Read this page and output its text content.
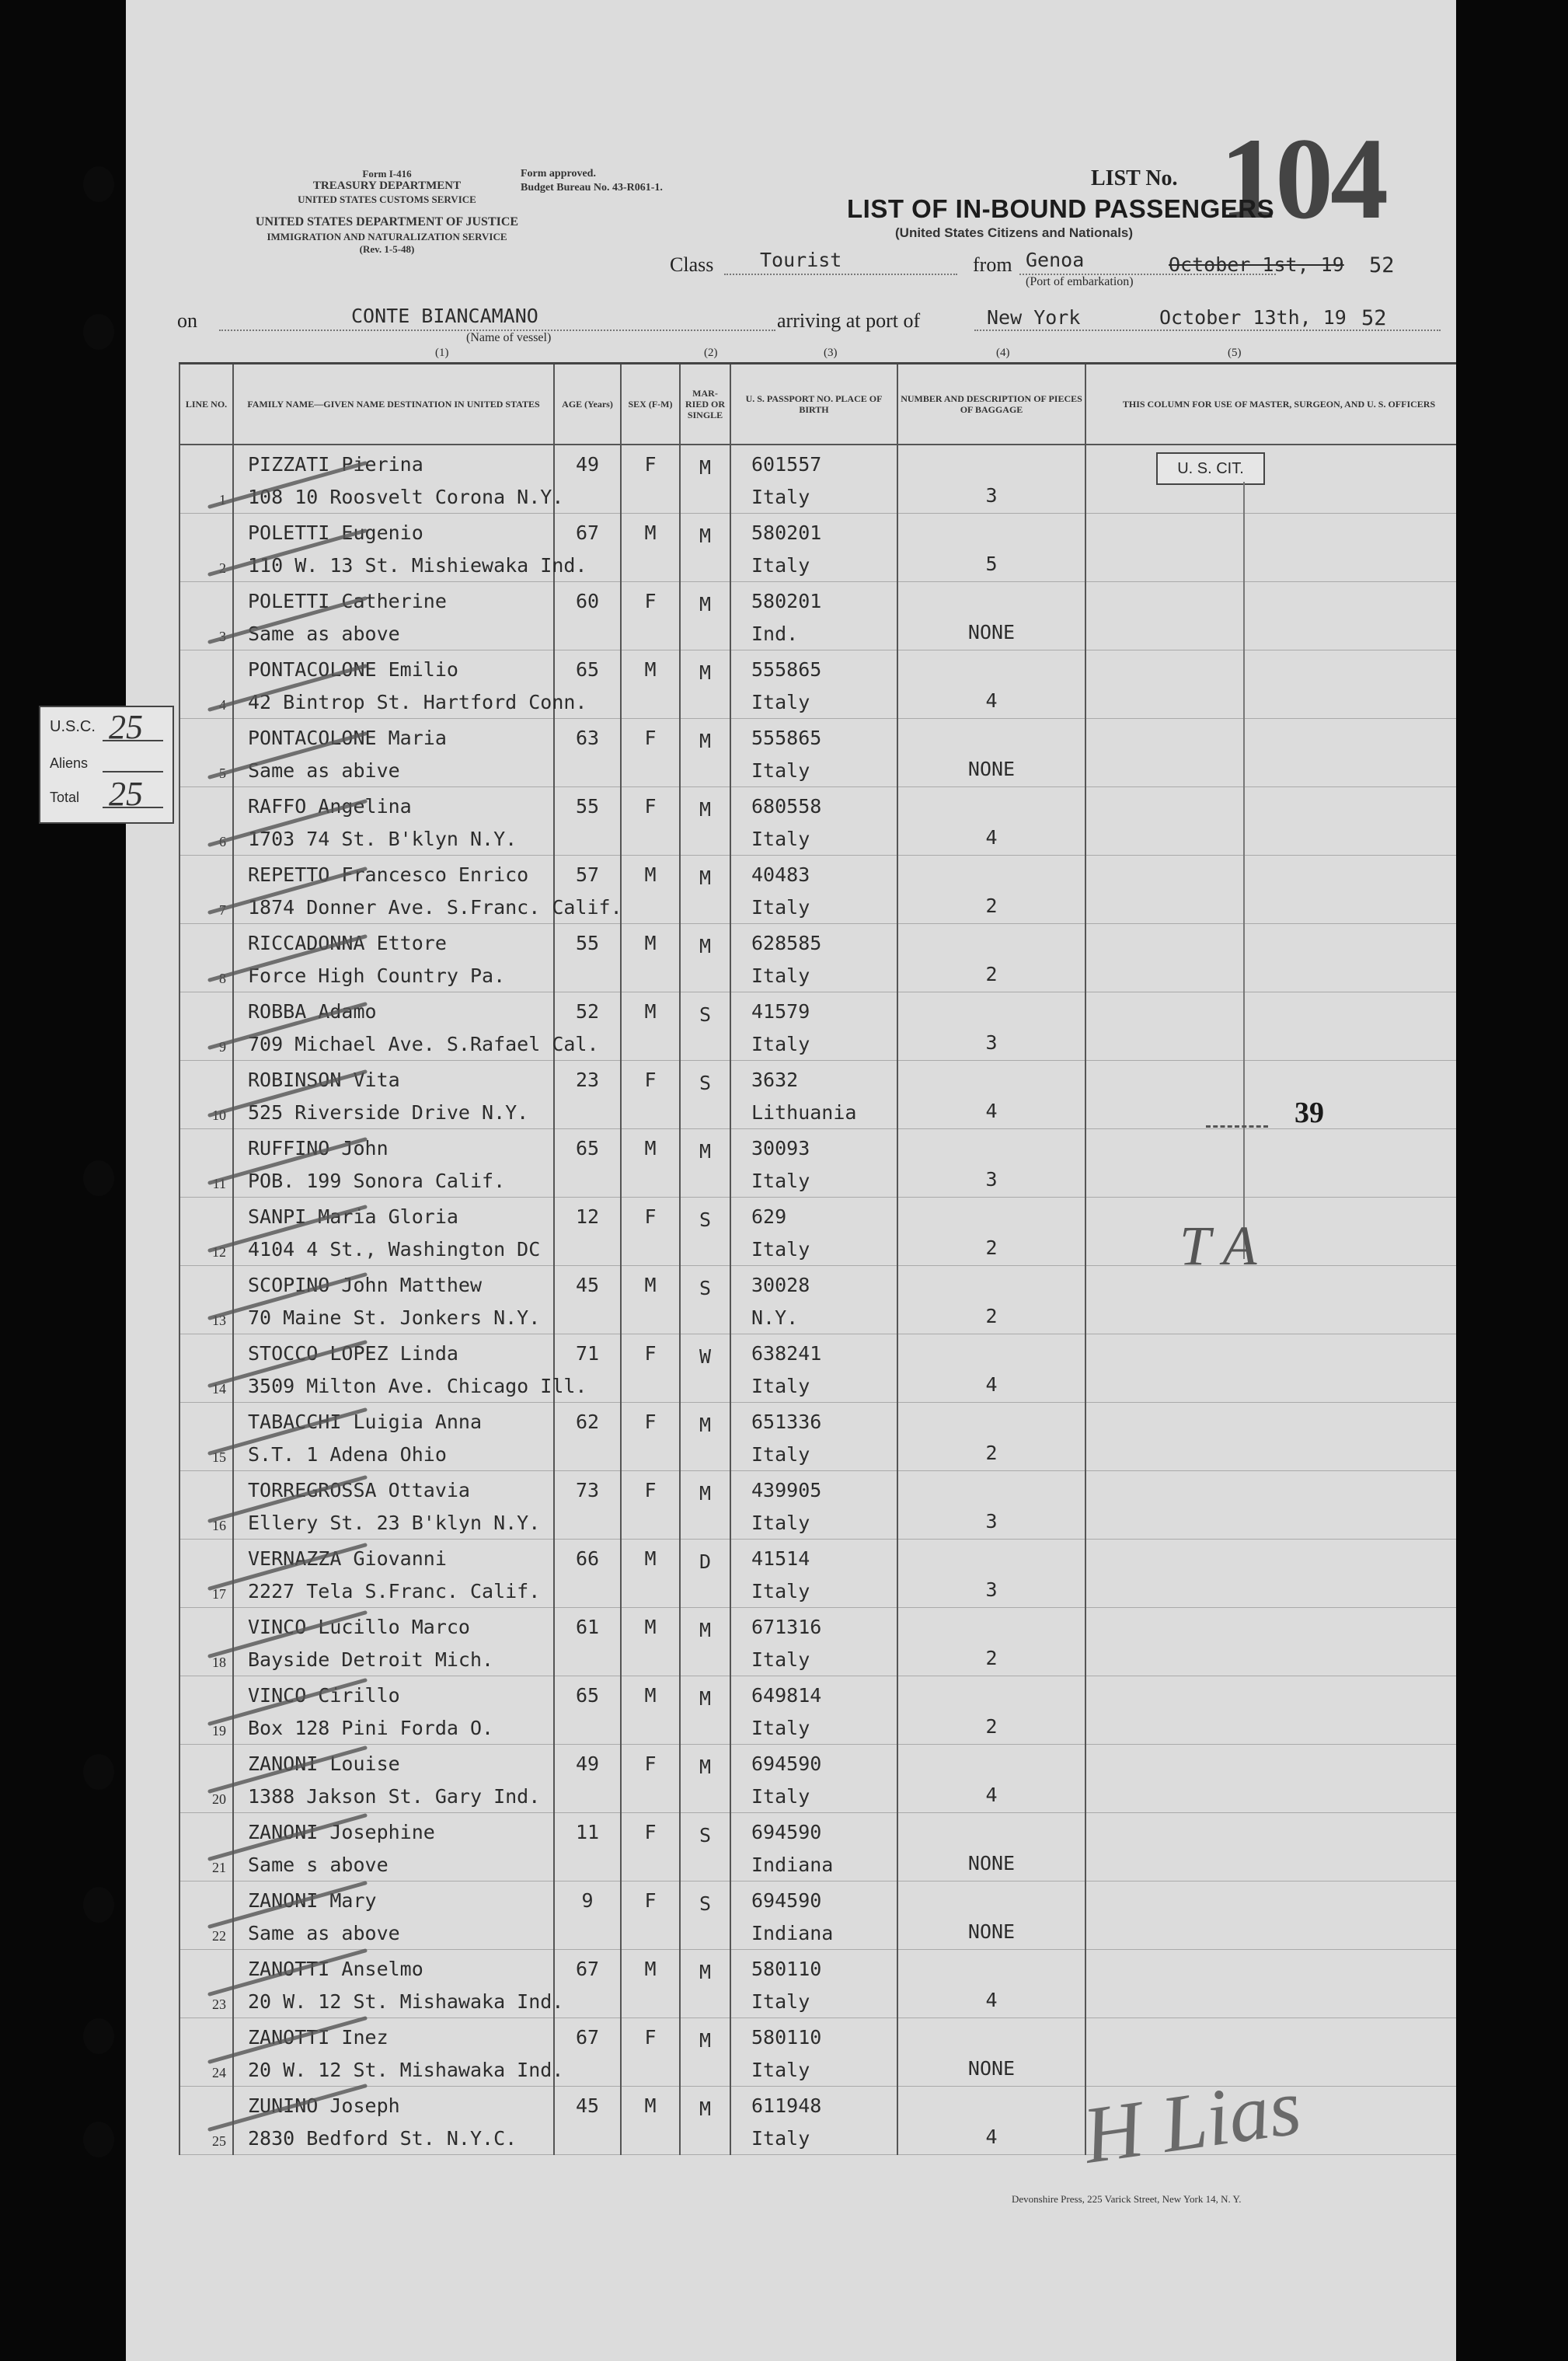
Form I-416
TREASURY DEPARTMENT
UNITED STATES CUSTOMS SERVICE
UNITED STATES DEPARTMENT OF JUSTICE
IMMIGRATION AND NATURALIZATION SERVICE
(Rev. 1-5-48)
Form approved.
Budget Bureau No. 43-R061-1.	LIST No. 104
LIST OF IN-BOUND PASSENGERS
(United States Citizens and Nationals)
Class Tourist	from Genoa
(Port of embarkation)
October 1st, 19 52
on	CONTE BIANCAMANO
(Name of vessel)
arriving at port of	New York	October 13th, 19 52
(1)	(2)	(3)	(4)	(5)
LINE NO.	FAMILY NAME—GIVEN NAME DESTINATION IN UNITED STATES	AGE (Years)	SEX (F-M)	MAR-RIED OR SINGLE	U. S. PASSPORT NO. PLACE OF BIRTH	NUMBER AND DESCRIPTION OF PIECES OF BAGGAGE	THIS COLUMN FOR USE OF MASTER, SURGEON, AND U. S. OFFICERS

1	PIZZATI Pierina
108 10 Roosvelt Corona N.Y.	49	F	M	601557
Italy	3	

2	POLETTI Eugenio
110 W. 13 St. Mishiewaka Ind.	67	M	M	580201
Italy	5	

3	POLETTI Catherine
Same as above	60	F	M	580201
Ind.	NONE	

4	PONTACOLONE Emilio
42 Bintrop St. Hartford Conn.	65	M	M	555865
Italy	4	

5	PONTACOLONE Maria
Same as abive	63	F	M	555865
Italy	NONE	

6	RAFFO Angelina
1703 74 St. B'klyn N.Y.	55	F	M	680558
Italy	4	

7	REPETTO Francesco Enrico
1874 Donner Ave. S.Franc. Calif.	57	M	M	40483
Italy	2	

8	RICCADONNA Ettore
Force High Country Pa.	55	M	M	628585
Italy	2	

9	ROBBA Adamo
709 Michael Ave. S.Rafael Cal.	52	M	S	41579
Italy	3	

10	ROBINSON Vita
525 Riverside Drive N.Y.	23	F	S	3632
Lithuania	4	

11	RUFFINO John
POB. 199 Sonora Calif.	65	M	M	30093
Italy	3	

12	SANPI Maria Gloria
4104 4 St., Washington DC	12	F	S	629
Italy	2	

13	SCOPINO John Matthew
70 Maine St. Jonkers N.Y.	45	M	S	30028
N.Y.	2	

14	STOCCO LOPEZ Linda
3509 Milton Ave. Chicago Ill.	71	F	W	638241
Italy	4	

15	TABACCHI Luigia Anna
S.T. 1 Adena Ohio	62	F	M	651336
Italy	2	

16	TORREGROSSA Ottavia
Ellery St. 23 B'klyn N.Y.	73	F	M	439905
Italy	3	

17	VERNAZZA Giovanni
2227 Tela S.Franc. Calif.	66	M	D	41514
Italy	3	

18	VINCO Lucillo Marco
Bayside Detroit Mich.	61	M	M	671316
Italy	2	

19	VINCO Cirillo
Box 128 Pini Forda O.	65	M	M	649814
Italy	2	

20	ZANONI Louise
1388 Jakson St. Gary Ind.	49	F	M	694590
Italy	4	

21	ZANONI Josephine
Same s above	11	F	S	694590
Indiana	NONE	

22	ZANONI Mary
Same as above	9	F	S	694590
Indiana	NONE	

23	ZANOTTI Anselmo
20 W. 12 St. Mishawaka Ind.	67	M	M	580110
Italy	4	

24	ZANOTTI Inez
20 W. 12 St. Mishawaka Ind.	67	F	M	580110
Italy	NONE	

25	ZUNINO Joseph
2830 Bedford St. N.Y.C.	45	M	M	611948
Italy	4	

U. S. CIT.
39
T A
H Lias
Devonshire Press, 225 Varick Street, New York 14, N. Y.
U.S.C. 25
Aliens
Total 25
